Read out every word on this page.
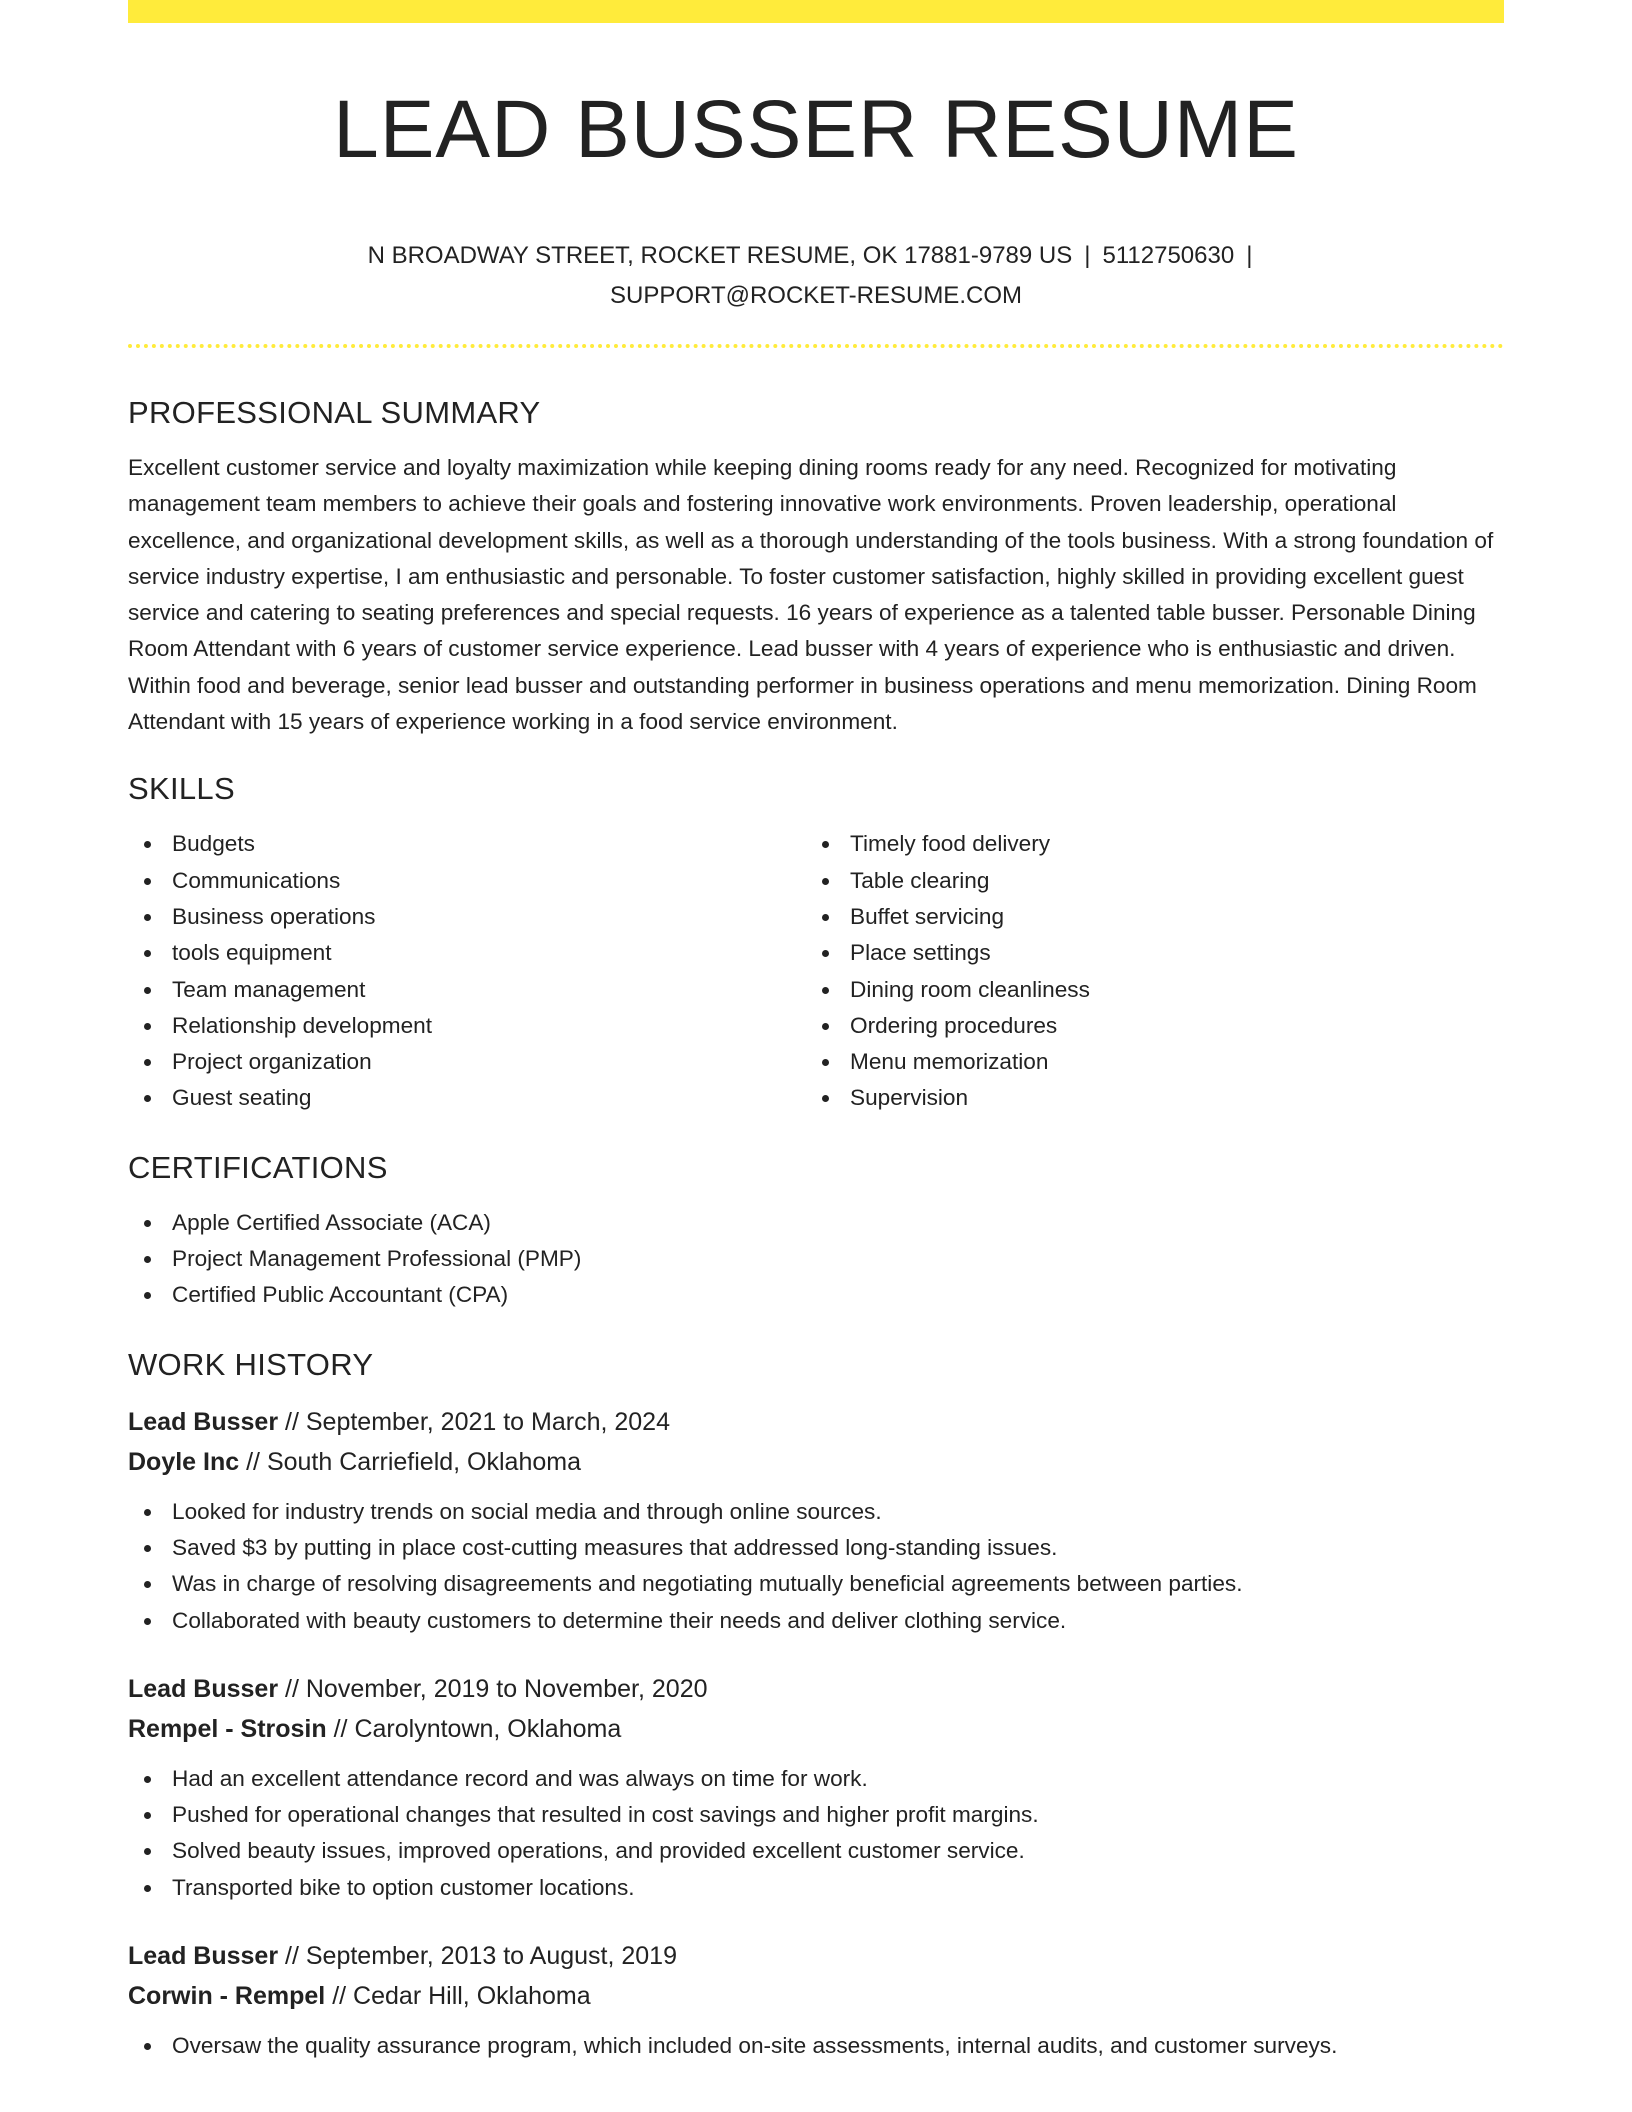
LEAD BUSSER RESUME
N BROADWAY STREET, ROCKET RESUME, OK 17881-9789 US | 5112750630 |
SUPPORT@ROCKET-RESUME.COM
PROFESSIONAL SUMMARY

Excellent customer service and loyalty maximization while keeping dining rooms ready for any need. Recognized for motivating management team members to achieve their goals and fostering innovative work environments. Proven leadership, operational excellence, and organizational development skills, as well as a thorough understanding of the tools business. With a strong foundation of service industry expertise, I am enthusiastic and personable. To foster customer satisfaction, highly skilled in providing excellent guest service and catering to seating preferences and special requests. 16 years of experience as a talented table busser. Personable Dining Room Attendant with 6 years of customer service experience. Lead busser with 4 years of experience who is enthusiastic and driven. Within food and beverage, senior lead busser and outstanding performer in business operations and menu memorization. Dining Room Attendant with 15 years of experience working in a food service environment.

SKILLS
Budgets
Communications
Business operations
tools equipment
Team management
Relationship development
Project organization
Guest seating
Timely food delivery
Table clearing
Buffet servicing
Place settings
Dining room cleanliness
Ordering procedures
Menu memorization
Supervision
CERTIFICATIONS
Apple Certified Associate (ACA)
Project Management Professional (PMP)
Certified Public Accountant (CPA)
WORK HISTORY
Lead Busser // September, 2021 to March, 2024
Doyle Inc // South Carriefield, Oklahoma
Looked for industry trends on social media and through online sources.
Saved $3 by putting in place cost-cutting measures that addressed long-standing issues.
Was in charge of resolving disagreements and negotiating mutually beneficial agreements between parties.
Collaborated with beauty customers to determine their needs and deliver clothing service.
Lead Busser // November, 2019 to November, 2020
Rempel - Strosin // Carolyntown, Oklahoma
Had an excellent attendance record and was always on time for work.
Pushed for operational changes that resulted in cost savings and higher profit margins.
Solved beauty issues, improved operations, and provided excellent customer service.
Transported bike to option customer locations.
Lead Busser // September, 2013 to August, 2019
Corwin - Rempel // Cedar Hill, Oklahoma
Oversaw the quality assurance program, which included on-site assessments, internal audits, and customer surveys.
